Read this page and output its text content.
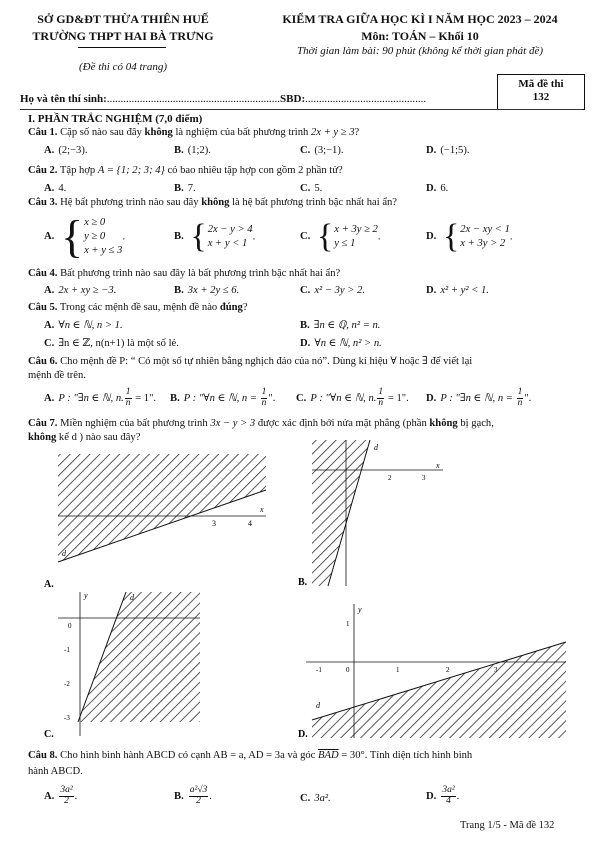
SỞ GD&ĐT THỪA THIÊN HUẾ
TRƯỜNG THPT HAI BÀ TRƯNG
(Đề thi có 04 trang)
KIỂM TRA GIỮA HỌC KÌ I NĂM HỌC 2023 – 2024
Môn: TOÁN – Khối 10
Thời gian làm bài: 90 phút (không kể thời gian phát đề)
Mã đề thi
132
Họ và tên thí sinh:...............................................................SBD:............................................
I. PHẦN TRẮC NGHIỆM (7,0 điểm)
Câu 1. Cặp số nào sau đây không là nghiệm của bất phương trình 2x + y ≥ 3?
A. (2;−3).	B. (1;2).	C. (3;−1).	D. (−1;5).
Câu 2. Tập hợp A = {1; 2; 3; 4} có bao nhiêu tập hợp con gồm 2 phần tử?
A. 4.	B. 7.	C. 5.	D. 6.
Câu 3. Hệ bất phương trình nào sau đây không là hệ bất phương trình bậc nhất hai ẩn?
A. { x ≥ 0
y ≥ 0
x + y ≤ 3
.	B. { 2x − y > 4
x + y < 1
.	C. { x + 3y ≥ 2
y ≤ 1
.	D. { 2x − xy < 1
x + 3y > 2
.
Câu 4. Bất phương trình nào sau đây là bất phương trình bậc nhất hai ẩn?
A. 2x + xy ≥ −3.	B. 3x + 2y ≤ 6.	C. x² − 3y > 2.	D. x² + y² < 1.
Câu 5. Trong các mệnh đề sau, mệnh đề nào đúng?
A. ∀n ∈ ℕ, n > 1.	B. ∃n ∈ ℚ, n² = n.
C. ∃n ∈ ℤ, n(n+1) là một số lẻ.	D. ∀n ∈ ℕ, n² > n.
Câu 6. Cho mệnh đề P: “ Có một số tự nhiên bằng nghịch đảo của nó”. Dùng kí hiệu ∀ hoặc ∃ để viết lại
mệnh đề trên.
A. P : "∃n ∈ ℕ, n. $\frac{1}{n} = 1$". B. P : "∀n ∈ ℕ, $n = \frac{1}{n}$ ". C. P : "∀n ∈ ℕ, n. $\frac{1}{n} = 1$". D. P : "∃n ∈ ℕ, $n = \frac{1}{n}$ ".
Câu 7. Miền nghiệm của bất phương trình 3x − y > 3 được xác định bởi nửa mặt phẳng (phần không bị gạch,
không kể d ) nào sau đây?
x
3	4
d
A.
x
2	3
d
B.
y
0
-1
-2
-3
d
C.
y
1
-1	0	1	2	3
d
D.
Câu 8. Cho hình bình hành ABCD có cạnh AB = a, AD = 3a và góc $\overline{BAD} = 30^\circ$. Tính diện tích hình bình
hành ABCD.
A. $\frac{\text{3a²}}{2}$ .	B. $\frac{\text{a²√3}}{2}$ .	C. 3a².	D. $\frac{\text{3a²}}{4}$ .
Trang 1/5 - Mã đề 132
